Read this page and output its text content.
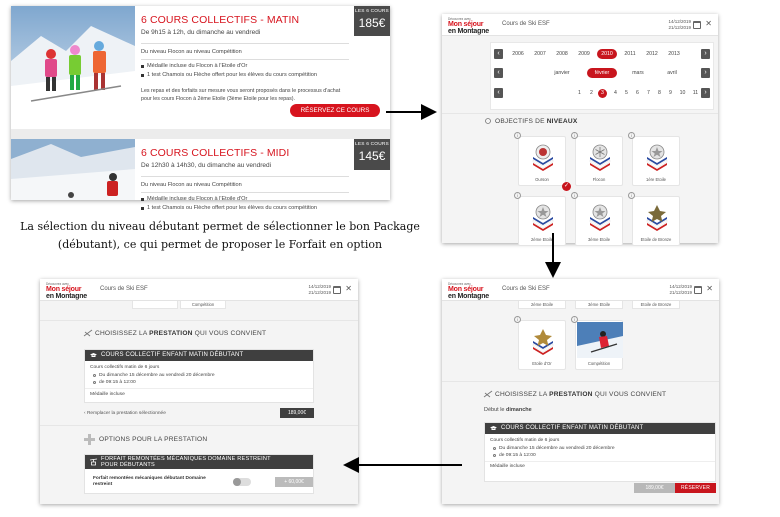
6 COURS COLLECTIFS - MATIN
De 9h15 à 12h, du dimanche au vendredi
Du niveau Flocon au niveau Compétition
Médaille incluse du Flocon à l'Etoile d'Or
1 test Chamois ou Flèche offert pour les élèves du cours compétition
Les repas et des forfaits sur mesure vous seront proposés dans le processus d'achat pour les cours Flocon à 2ème Etoile (3ème Etoile pour les repas).
LES 6 COURS
185€
RÉSERVEZ CE COURS
6 COURS COLLECTIFS - MIDI
De 12h30 à 14h30, du dimanche au vendredi
Du niveau Flocon au niveau Compétition
Médaille incluse du Flocon à l'Etoile d'Or
1 test Chamois ou Flèche offert pour les élèves du cours compétition
LES 6 COURS
145€
Découvrez avec
Mon séjour
en Montagne
Cours de Ski ESF	14/12/2019
21/12/2019 ✕
‹	2006	2007	2008	2009	2010	2011	2012	2013	›
‹	janvier	février	mars	avril	›
‹	1	2	3	4	5	6	7	8	9	10	11 ›
OBJECTIFS DE NIVEAUX
Ourson
i
Flocon
i
1ère Etoile
i
2ème Etoile
i
✓
3ème Etoile
i
Etoile de Bronze
i
Découvrez avec
Mon séjour
en Montagne
Cours de Ski ESF	14/12/2019
21/12/2019 ✕
2ème Etoile	3ème Etoile	Etoile de Bronze
Etoile d'Or
i
Compétition
i
CHOISISSEZ LA PRESTATION QUI VOUS CONVIENT
Début le dimanche
COURS COLLECTIF ENFANT MATIN DÉBUTANT
Cours collectifs matin de 6 jours
Du dimanche 15 décembre au vendredi 20 décembre
de 09:15 à 12:00
Médaille incluse
189,00€	RÉSERVER
Découvrez avec
Mon séjour
en Montagne
Cours de Ski ESF	14/12/2019
21/12/2019 ✕
Compétition
CHOISISSEZ LA PRESTATION QUI VOUS CONVIENT
COURS COLLECTIF ENFANT MATIN DÉBUTANT
Cours collectifs matin de 6 jours
Du dimanche 15 décembre au vendredi 20 décembre
de 09:15 à 12:00
Médaille incluse
‹ Remplacer la prestation sélectionnée	189,00€
OPTIONS POUR LA PRESTATION
FORFAIT REMONTÉES MÉCANIQUES DOMAINE RESTREINT
POUR DÉBUTANTS
Forfait remontées mécaniques débutant Domaine
restreint	+ 60,00€
La sélection du niveau débutant permet de sélectionner le bon Package (débutant), ce qui permet de proposer le Forfait en option
